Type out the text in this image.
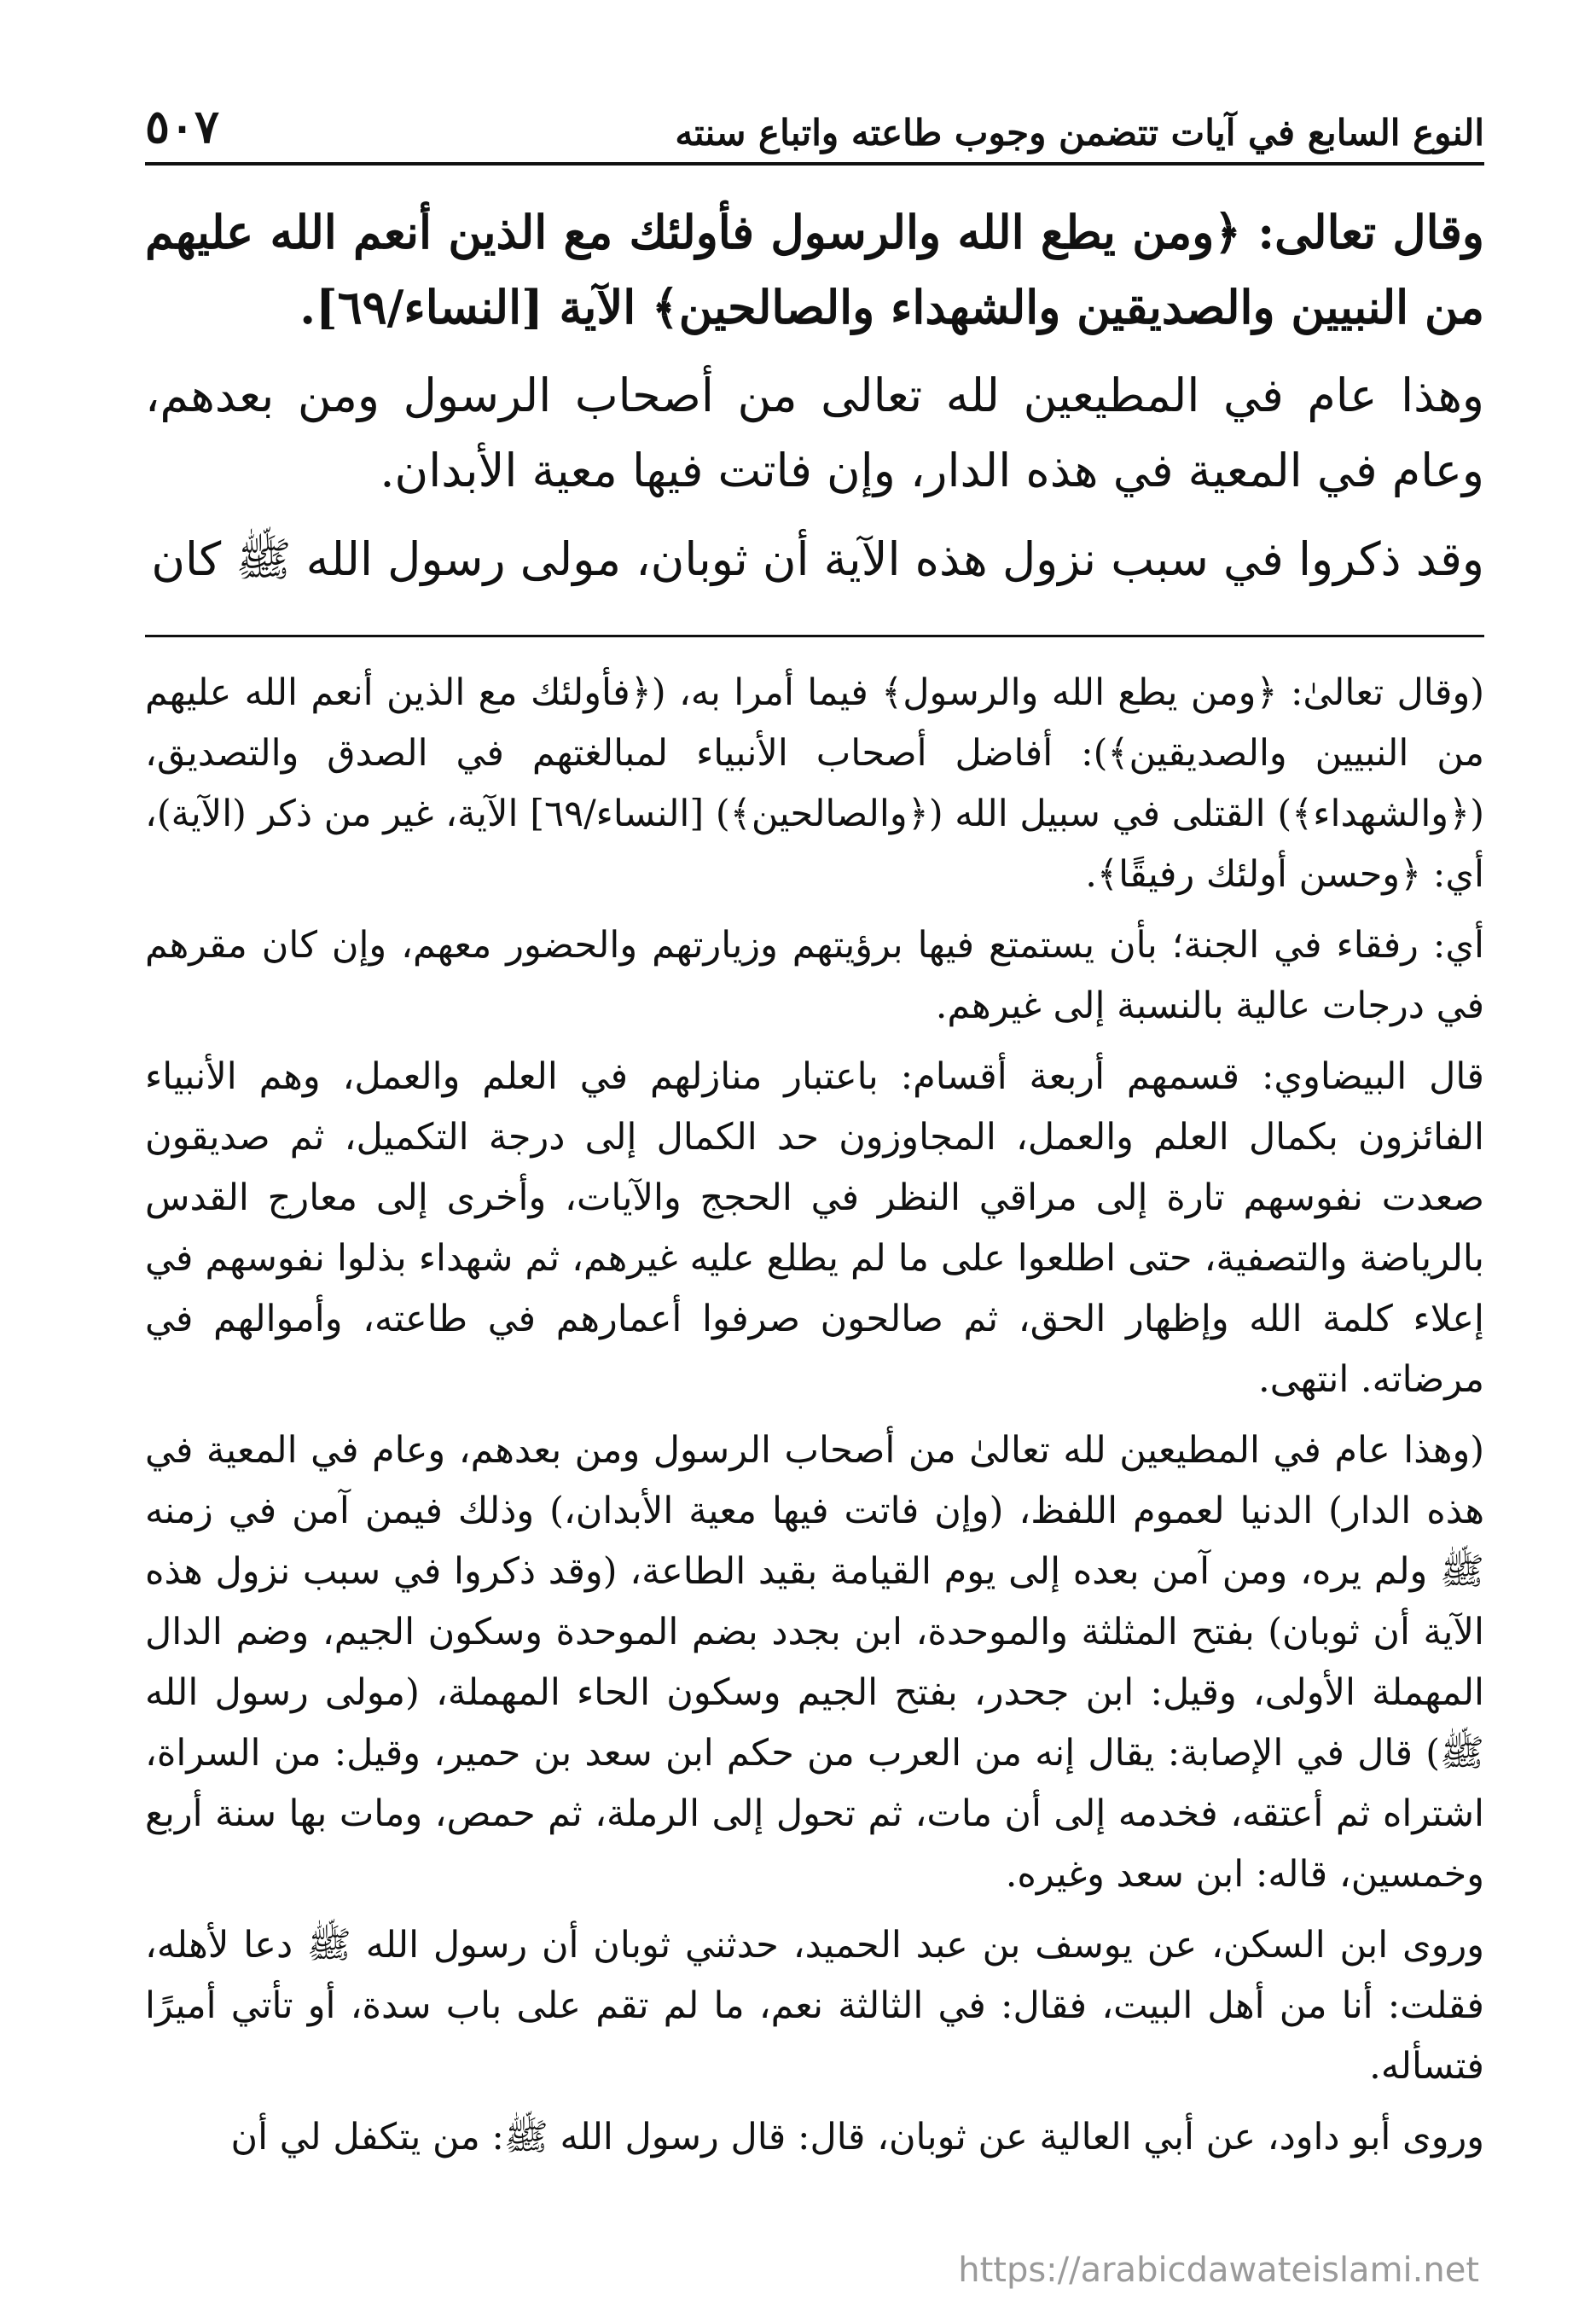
النوع السابع في آيات تتضمن وجوب طاعته واتباع سنته
٥٠٧

وقال تعالى: ﴿ومن يطع الله والرسول فأولئك مع الذين أنعم الله عليهم من النبيين والصديقين والشهداء والصالحين﴾ الآية [النساء/٦٩].

وهذا عام في المطيعين لله تعالى من أصحاب الرسول ومن بعدهم، وعام في المعية في هذه الدار، وإن فاتت فيها معية الأبدان.

وقد ذكروا في سبب نزول هذه الآية أن ثوبان، مولى رسول الله ﷺ كان

(وقال تعالىٰ: ﴿ومن يطع الله والرسول﴾ فيما أمرا به، (﴿فأولئك مع الذين أنعم الله عليهم من النبيين والصديقين﴾): أفاضل أصحاب الأنبياء لمبالغتهم في الصدق والتصديق، (﴿والشهداء﴾) القتلى في سبيل الله (﴿والصالحين﴾) [النساء/٦٩] الآية، غير من ذكر (الآية)، أي: ﴿وحسن أولئك رفيقًا﴾.

أي: رفقاء في الجنة؛ بأن يستمتع فيها برؤيتهم وزيارتهم والحضور معهم، وإن كان مقرهم في درجات عالية بالنسبة إلى غيرهم.

قال البيضاوي: قسمهم أربعة أقسام: باعتبار منازلهم في العلم والعمل، وهم الأنبياء الفائزون بكمال العلم والعمل، المجاوزون حد الكمال إلى درجة التكميل، ثم صديقون صعدت نفوسهم تارة إلى مراقي النظر في الحجج والآيات، وأخرى إلى معارج القدس بالرياضة والتصفية، حتى اطلعوا على ما لم يطلع عليه غيرهم، ثم شهداء بذلوا نفوسهم في إعلاء كلمة الله وإظهار الحق، ثم صالحون صرفوا أعمارهم في طاعته، وأموالهم في مرضاته. انتهى.

(وهذا عام في المطيعين لله تعالىٰ من أصحاب الرسول ومن بعدهم، وعام في المعية في هذه الدار) الدنيا لعموم اللفظ، (وإن فاتت فيها معية الأبدان،) وذلك فيمن آمن في زمنه ﷺ ولم يره، ومن آمن بعده إلى يوم القيامة بقيد الطاعة، (وقد ذكروا في سبب نزول هذه الآية أن ثوبان) بفتح المثلثة والموحدة، ابن بجدد بضم الموحدة وسكون الجيم، وضم الدال المهملة الأولى، وقيل: ابن جحدر، بفتح الجيم وسكون الحاء المهملة، (مولى رسول الله ﷺ) قال في الإصابة: يقال إنه من العرب من حكم ابن سعد بن حمير، وقيل: من السراة، اشتراه ثم أعتقه، فخدمه إلى أن مات، ثم تحول إلى الرملة، ثم حمص، ومات بها سنة أربع وخمسين، قاله: ابن سعد وغيره.

وروى ابن السكن، عن يوسف بن عبد الحميد، حدثني ثوبان أن رسول الله ﷺ دعا لأهله، فقلت: أنا من أهل البيت، فقال: في الثالثة نعم، ما لم تقم على باب سدة، أو تأتي أميرًا فتسأله.

وروى أبو داود، عن أبي العالية عن ثوبان، قال: قال رسول الله ﷺ: من يتكفل لي أن

https://arabicdawateislami.net
